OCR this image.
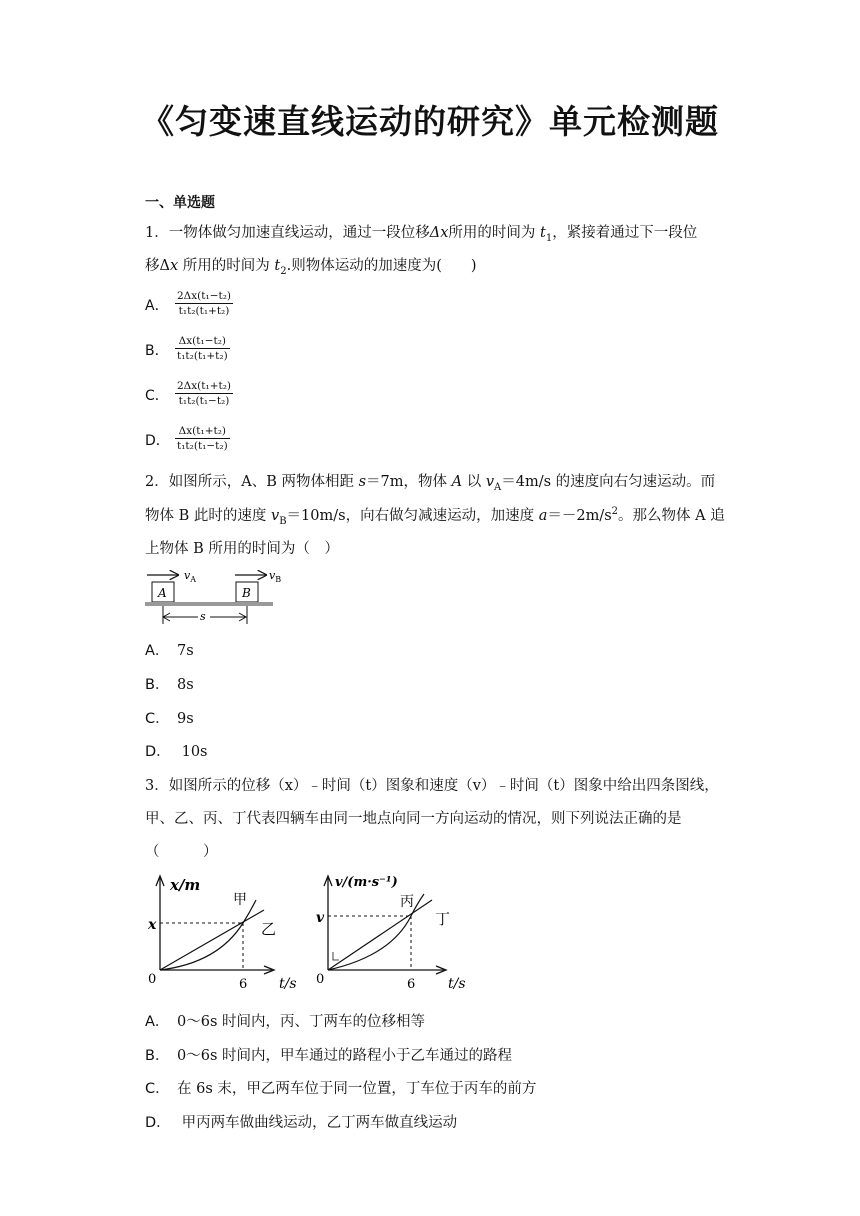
《匀变速直线运动的研究》单元检测题
一、单选题
1．一物体做匀加速直线运动，通过一段位移Δx所用的时间为 $t_1$，紧接着通过下一段位
移Δx 所用的时间为 $t_2$.则物体运动的加速度为(　　)
A． $\frac{\text{2Δx(t₁−t₂)}}{\text{t₁t₂(t₁+t₂)}}$
B． $\frac{\text{Δx(t₁−t₂)}}{\text{t₁t₂(t₁+t₂)}}$
C． $\frac{\text{2Δx(t₁+t₂)}}{\text{t₁t₂(t₁−t₂)}}$
D． $\frac{\text{Δx(t₁+t₂)}}{\text{t₁t₂(t₁−t₂)}}$
2．如图所示，A、B 两物体相距 s＝7m，物体 A 以 $v_A=4m/s$ 的速度向右匀速运动。而
物体 B 此时的速度 $v_B=10m/s$，向右做匀减速运动，加速度 $a=-2m/s^2$。那么物体 A 追
上物体 B 所用的时间为（　）
$v_A$	$v_B$
A	B
s
A． 7s
B． 8s
C． 9s
D． 10s
3．如图所示的位移（x）﹣时间（t）图象和速度（v）﹣时间（t）图象中给出四条图线，
甲、乙、丙、丁代表四辆车由同一地点向同一方向运动的情况，则下列说法正确的是
（　　　）
x/m
x
0	6 t/s
甲
乙
v/(m·s⁻¹)
v
0	6 t/s
丙
丁
A． 0～6s 时间内，丙、丁两车的位移相等
B． 0～6s 时间内，甲车通过的路程小于乙车通过的路程
C． 在 6s 末，甲乙两车位于同一位置，丁车位于丙车的前方
D． 甲丙两车做曲线运动，乙丁两车做直线运动
